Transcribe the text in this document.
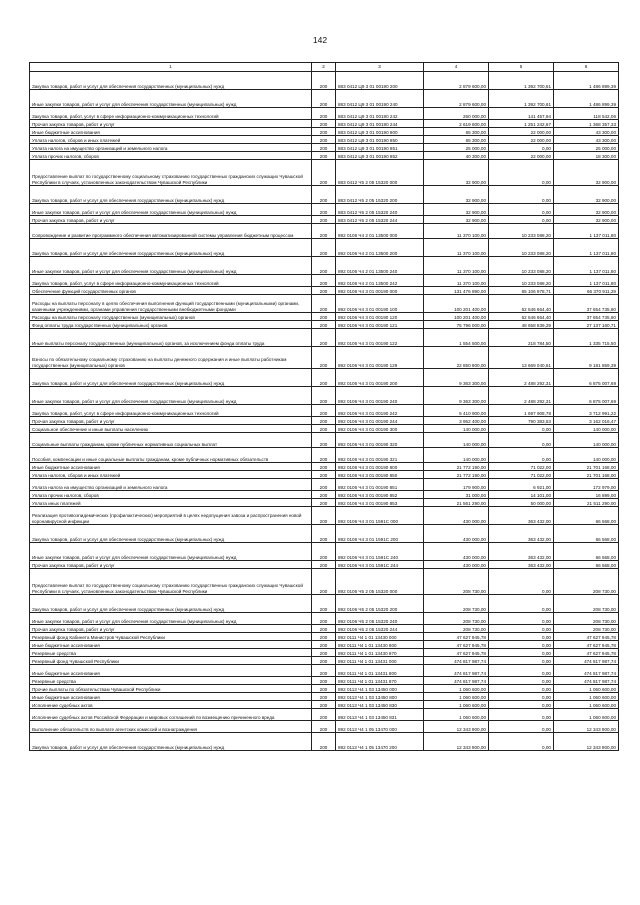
142
1	2	3	4	5	6
Закупка товаров, работ и услуг для обеспечения государственных (муниципальных) нужд	200	883 0412 Ц9 3 01 00190 200	2 879 600,00	1 392 700,61	1 486 899,39
Иные закупки товаров, работ и услуг для обеспечения государственных (муниципальных) нужд	200	883 0412 Ц9 3 01 00190 240	2 879 600,00	1 392 700,61	1 486 899,39
Закупка товаров, работ, услуг в сфере информационно-коммуникационных технологий	200	883 0412 Ц9 3 01 00190 242	260 000,00	141 457,94	118 542,06
Прочая закупка товаров, работ и услуг	200	883 0412 Ц9 3 01 00190 244	2 619 600,00	1 251 242,67	1 368 357,33
Иные бюджетные ассигнования	200	883 0412 Ц9 3 01 00190 800	65 300,00	22 000,00	43 300,00
Уплата налогов, сборов и иных платежей	200	883 0412 Ц9 3 01 00190 850	65 300,00	22 000,00	43 300,00
Уплата налога на имущество организаций и земельного налога	200	883 0412 Ц9 3 01 00190 851	25 000,00	0,00	25 000,00
Уплата прочих налогов, сборов	200	883 0412 Ц9 3 01 00190 852	40 300,00	22 000,00	18 300,00
Предоставление выплат по государственному социальному страхованию государственных гражданских служащих Чувашской Республики в случаях, установленных законодательством Чувашской Республики	200	883 0412 Ч5 2 05 15320 000	32 900,00	0,00	32 900,00
Закупка товаров, работ и услуг для обеспечения государственных (муниципальных) нужд	200	883 0412 Ч5 2 05 15320 200	32 900,00	0,00	32 900,00
Иные закупки товаров, работ и услуг для обеспечения государственных (муниципальных) нужд	200	883 0412 Ч5 2 05 15320 240	32 900,00	0,00	32 900,00
Прочая закупка товаров, работ и услуг	200	883 0412 Ч5 2 05 15320 244	32 900,00	0,00	32 900,00
Сопровождение и развитие программного обеспечения автоматизированной системы управления бюджетным процессом	200	892 0106 Ч4 2 01 13500 000	11 370 100,00	10 233 088,20	1 137 011,80
Закупка товаров, работ и услуг для обеспечения государственных (муниципальных) нужд	200	892 0106 Ч4 2 01 13500 200	11 370 100,00	10 233 088,20	1 137 011,80
Иные закупки товаров, работ и услуг для обеспечения государственных (муниципальных) нужд	200	892 0106 Ч4 2 01 13500 240	11 370 100,00	10 233 088,20	1 137 011,80
Закупка товаров, работ, услуг в сфере информационно-коммуникационных технологий	200	892 0106 Ч4 2 01 13500 242	11 370 100,00	10 233 088,20	1 137 011,80
Обеспечение функций государственных органов	200	892 0106 Ч4 3 01 00190 000	131 476 890,00	65 106 978,71	66 370 911,29
Расходы на выплаты персоналу в целях обеспечения выполнения функций государственными (муниципальными) органами, казенными учреждениями, органами управления государственными внебюджетными фондами	200	892 0106 Ч4 3 01 00190 100	100 201 400,00	62 546 664,40	37 654 735,60
Расходы на выплаты персоналу государственных (муниципальных) органов	200	892 0106 Ч4 3 01 00190 120	100 201 400,00	62 546 664,40	37 654 735,60
Фонд оплаты труда государственных (муниципальных) органов	200	892 0106 Ч4 3 01 00190 121	75 796 000,00	48 658 839,29	27 137 160,71
Иные выплаты персоналу государственных (муниципальных) органов, за исключением фонда оплаты труда	200	892 0106 Ч4 3 01 00190 122	1 554 500,00	218 784,50	1 335 715,50
Взносы по обязательному социальному страхованию на выплаты денежного содержания и иные выплаты работникам государственных (муниципальных) органов	200	892 0106 Ч4 3 01 00190 129	22 850 900,00	13 669 040,61	9 181 859,39
Закупка товаров, работ и услуг для обеспечения государственных (муниципальных) нужд	200	892 0106 Ч4 3 01 00190 200	9 363 300,00	2 488 292,31	6 875 007,69
Иные закупки товаров, работ и услуг для обеспечения государственных (муниципальных) нужд	200	892 0106 Ч4 3 01 00190 240	9 363 300,00	2 488 292,31	6 875 007,69
Закупка товаров, работ, услуг в сфере информационно-коммуникационных технологий	200	892 0106 Ч4 3 01 00190 242	5 410 900,00	1 697 908,78	3 712 991,22
Прочая закупка товаров, работ и услуг	200	892 0106 Ч4 3 01 00190 244	3 952 400,00	790 383,53	3 162 016,47
Социальное обеспечение и иные выплаты населению	200	892 0106 Ч4 3 01 00190 300	140 000,00	0,00	140 000,00
Социальные выплаты гражданам, кроме публичных нормативных социальных выплат	200	892 0106 Ч4 3 01 00190 320	140 000,00	0,00	140 000,00
Пособия, компенсации и иные социальные выплаты гражданам, кроме публичных нормативных обязательств	200	892 0106 Ч4 3 01 00190 321	140 000,00	0,00	140 000,00
Иные бюджетные ассигнования	200	892 0106 Ч4 3 01 00190 800	21 772 190,00	71 022,00	21 701 168,00
Уплата налогов, сборов и иных платежей	200	892 0106 Ч4 3 01 00190 850	21 772 190,00	71 022,00	21 701 168,00
Уплата налога на имущество организаций и земельного налога	200	892 0106 Ч4 3 01 00190 851	179 900,00	6 921,00	172 979,00
Уплата прочих налогов, сборов	200	892 0106 Ч4 3 01 00190 852	31 000,00	14 101,00	16 899,00
Уплата иных платежей	200	892 0106 Ч4 3 01 00190 853	21 561 290,00	50 000,00	21 511 290,00
Реализация противоэпидемических (профилактических) мероприятий в целях недопущения завоза и распространения новой коронавирусной инфекции	200	892 0106 Ч4 3 01 1591С 000	430 000,00	363 432,00	66 568,00
Закупка товаров, работ и услуг для обеспечения государственных (муниципальных) нужд	200	892 0106 Ч4 3 01 1591С 200	430 000,00	363 432,00	66 568,00
Иные закупки товаров, работ и услуг для обеспечения государственных (муниципальных) нужд	200	892 0106 Ч4 3 01 1591С 240	430 000,00	363 432,00	66 568,00
Прочая закупка товаров, работ и услуг	200	892 0106 Ч4 3 01 1591С 244	430 000,00	363 432,00	66 568,00
Предоставление выплат по государственному социальному страхованию государственных гражданских служащих Чувашской Республики в случаях, установленных законодательством Чувашской Республики	200	892 0106 Ч5 2 05 15320 000	208 730,00	0,00	208 730,00
Закупка товаров, работ и услуг для обеспечения государственных (муниципальных) нужд	200	892 0106 Ч5 2 05 15320 200	208 730,00	0,00	208 730,00
Иные закупки товаров, работ и услуг для обеспечения государственных (муниципальных) нужд	200	892 0106 Ч5 2 05 15320 240	208 730,00	0,00	208 730,00
Прочая закупка товаров, работ и услуг	200	892 0106 Ч5 2 05 15320 244	208 730,00	0,00	208 730,00
Резервный фонд Кабинета Министров Чувашской Республики	200	892 0111 Ч4 1 01 13430 000	47 627 945,78	0,00	47 627 945,78
Иные бюджетные ассигнования	200	892 0111 Ч4 1 01 13430 800	47 627 945,78	0,00	47 627 945,78
Резервные средства	200	892 0111 Ч4 1 01 13430 870	47 627 945,78	0,00	47 627 945,78
Резервный фонд Чувашской Республики	200	892 0111 Ч4 1 01 13431 000	474 817 987,74	0,00	474 817 987,74
Иные бюджетные ассигнования	200	892 0111 Ч4 1 01 13431 800	474 817 987,74	0,00	474 817 987,74
Резервные средства	200	892 0111 Ч4 1 01 13431 870	474 817 987,74	0,00	474 817 987,74
Прочие выплаты по обязательствам Чувашской Республики	200	892 0113 Ч4 1 03 13450 000	1 060 600,00	0,00	1 060 600,00
Иные бюджетные ассигнования	200	892 0113 Ч4 1 03 13450 800	1 060 600,00	0,00	1 060 600,00
Исполнение судебных актов	200	892 0113 Ч4 1 03 13450 830	1 060 600,00	0,00	1 060 600,00
Исполнение судебных актов Российской Федерации и мировых соглашений по возмещению причиненного вреда	200	892 0113 Ч4 1 03 13450 831	1 060 600,00	0,00	1 060 600,00
Выполнение обязательств по выплате агентских комиссий и вознаграждения	200	892 0113 Ч4 1 05 13470 000	12 343 900,00	0,00	12 343 900,00
Закупка товаров, работ и услуг для обеспечения государственных (муниципальных) нужд	200	892 0113 Ч4 1 05 13470 200	12 343 900,00	0,00	12 343 900,00
